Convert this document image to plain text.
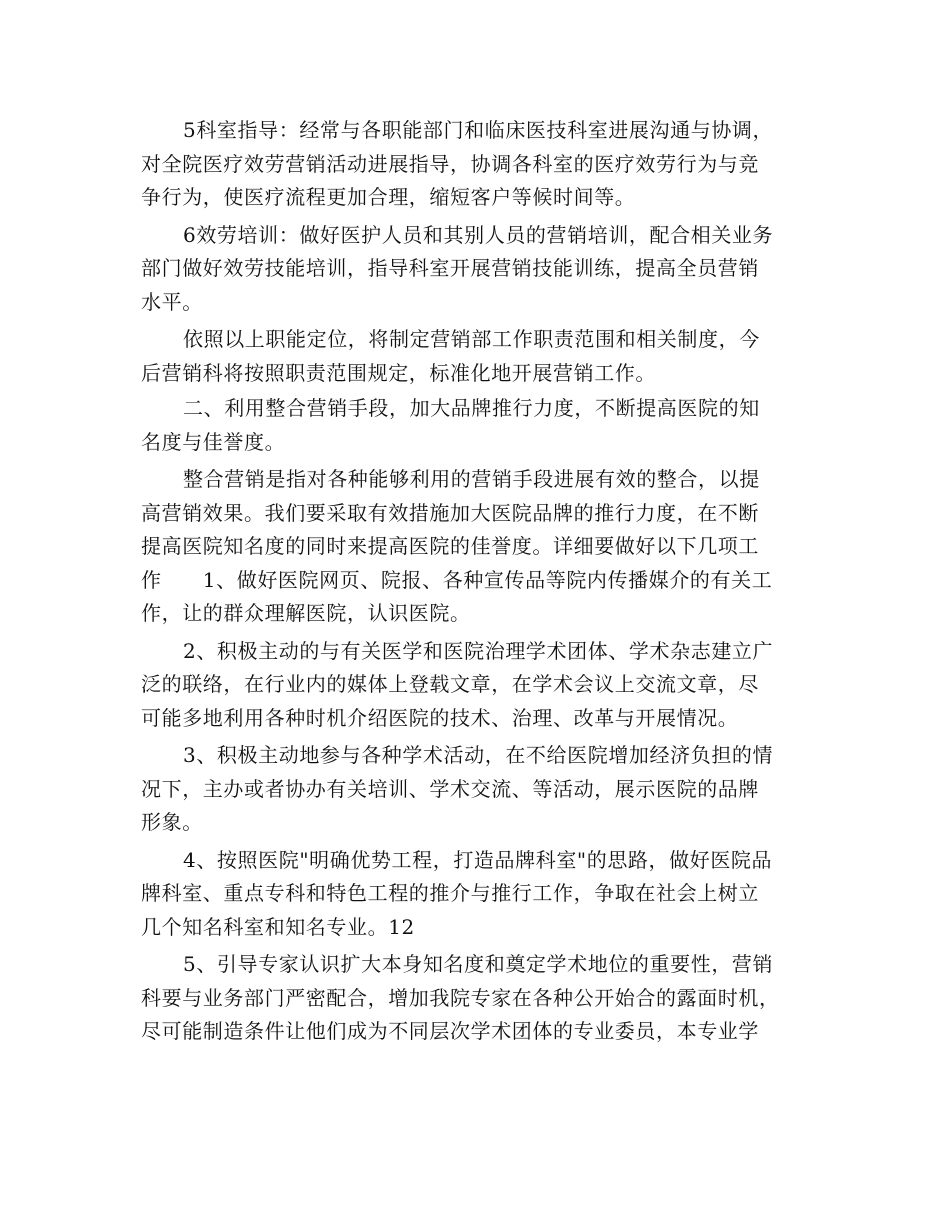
5科室指导：经常与各职能部门和临床医技科室进展沟通与协调，
对全院医疗效劳营销活动进展指导，协调各科室的医疗效劳行为与竞
争行为，使医疗流程更加合理，缩短客户等候时间等。

6效劳培训：做好医护人员和其别人员的营销培训，配合相关业务
部门做好效劳技能培训，指导科室开展营销技能训练，提高全员营销
水平。

依照以上职能定位，将制定营销部工作职责范围和相关制度，今
后营销科将按照职责范围规定，标准化地开展营销工作。

二、利用整合营销手段，加大品牌推行力度，不断提高医院的知
名度与佳誉度。

整合营销是指对各种能够利用的营销手段进展有效的整合，以提
高营销效果。我们要采取有效措施加大医院品牌的推行力度，在不断
提高医院知名度的同时来提高医院的佳誉度。详细要做好以下几项工
作　　1、做好医院网页、院报、各种宣传品等院内传播媒介的有关工
作，让的群众理解医院，认识医院。

2、积极主动的与有关医学和医院治理学术团体、学术杂志建立广
泛的联络，在行业内的媒体上登载文章，在学术会议上交流文章，尽
可能多地利用各种时机介绍医院的技术、治理、改革与开展情况。

3、积极主动地参与各种学术活动，在不给医院增加经济负担的情
况下，主办或者协办有关培训、学术交流、等活动，展示医院的品牌
形象。

4、按照医院"明确优势工程，打造品牌科室"的思路，做好医院品
牌科室、重点专科和特色工程的推介与推行工作，争取在社会上树立
几个知名科室和知名专业。12

5、引导专家认识扩大本身知名度和奠定学术地位的重要性，营销
科要与业务部门严密配合，增加我院专家在各种公开始合的露面时机，
尽可能制造条件让他们成为不同层次学术团体的专业委员，本专业学
